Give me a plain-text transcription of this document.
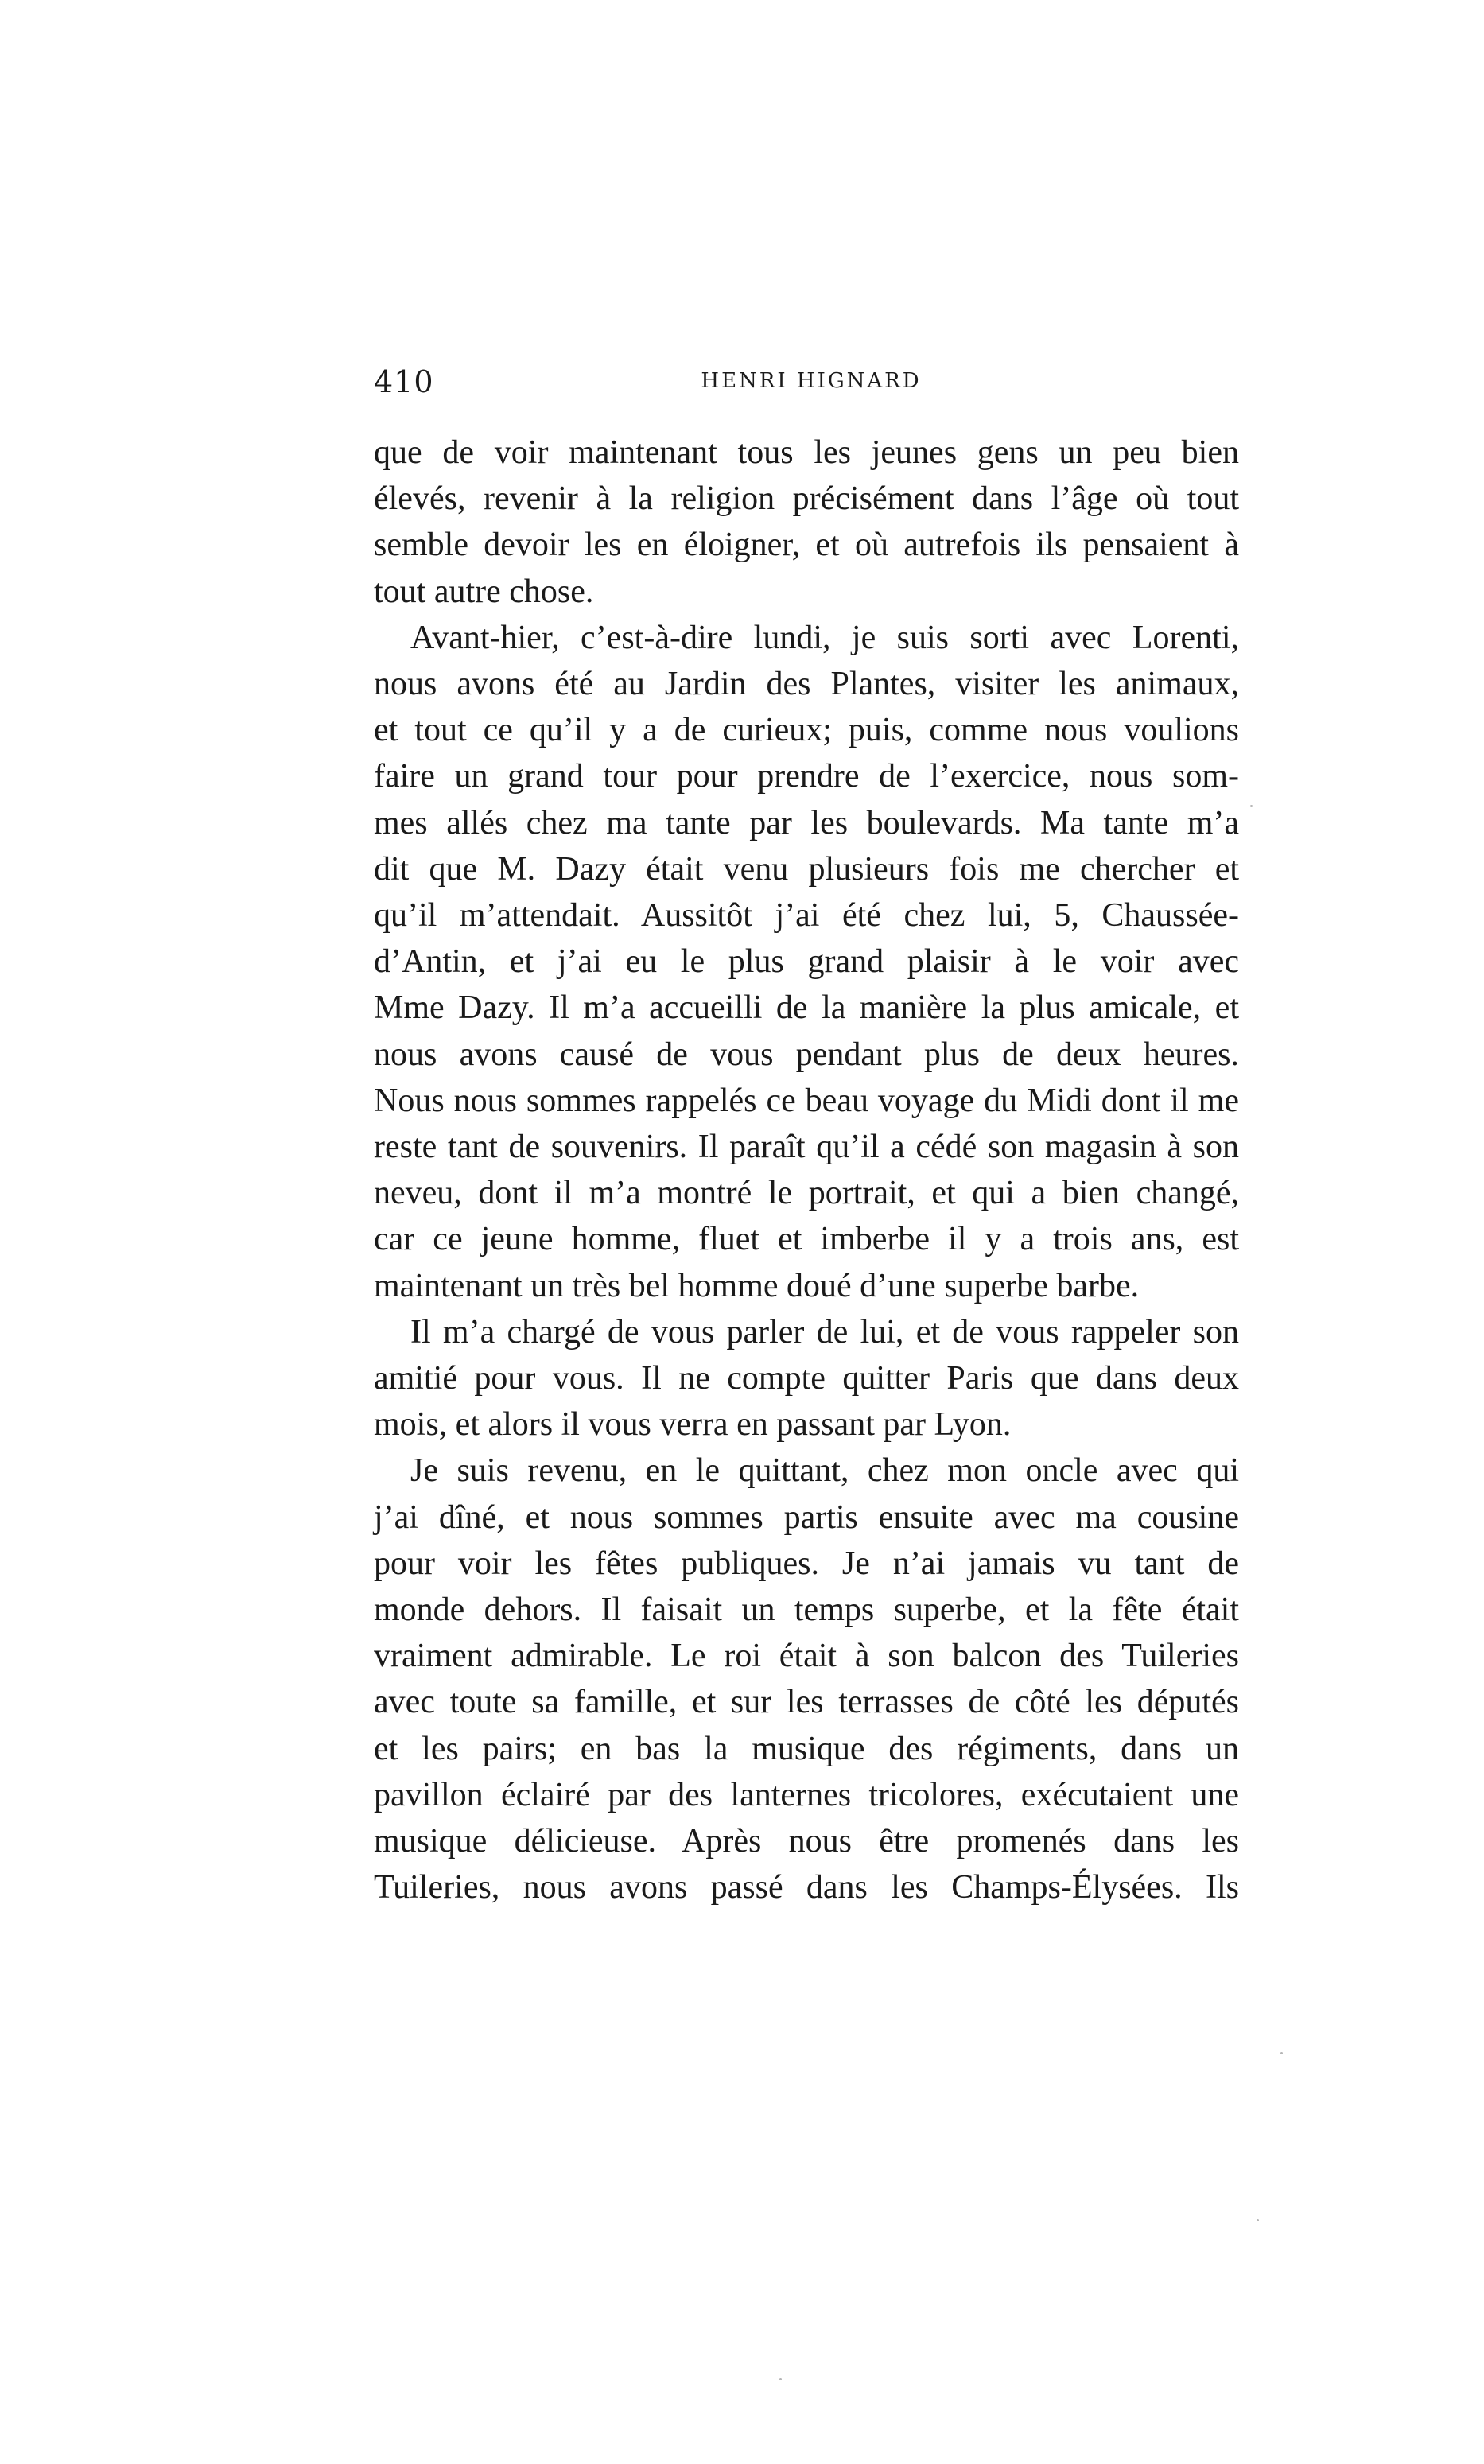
410	HENRI HIGNARD

que de voir maintenant tous les jeunes gens un peu bien
élevés, revenir à la religion précisément dans l’âge où tout
semble devoir les en éloigner, et où autrefois ils pensaient à
tout autre chose.

Avant-hier, c’est-à-dire lundi, je suis sorti avec Lorenti,
nous avons été au Jardin des Plantes, visiter les animaux,
et tout ce qu’il y a de curieux; puis, comme nous voulions
faire un grand tour pour prendre de l’exercice, nous som-
mes allés chez ma tante par les boulevards. Ma tante m’a
dit que M. Dazy était venu plusieurs fois me chercher et
qu’il m’attendait. Aussitôt j’ai été chez lui, 5, Chaussée-
d’Antin, et j’ai eu le plus grand plaisir à le voir avec
Mme Dazy. Il m’a accueilli de la manière la plus amicale, et
nous avons causé de vous pendant plus de deux heures.
Nous nous sommes rappelés ce beau voyage du Midi dont il me
reste tant de souvenirs. Il paraît qu’il a cédé son magasin à son
neveu, dont il m’a montré le portrait, et qui a bien changé,
car ce jeune homme, fluet et imberbe il y a trois ans, est
maintenant un très bel homme doué d’une superbe barbe.

Il m’a chargé de vous parler de lui, et de vous rappeler son
amitié pour vous. Il ne compte quitter Paris que dans deux
mois, et alors il vous verra en passant par Lyon.

Je suis revenu, en le quittant, chez mon oncle avec qui
j’ai dîné, et nous sommes partis ensuite avec ma cousine
pour voir les fêtes publiques. Je n’ai jamais vu tant de
monde dehors. Il faisait un temps superbe, et la fête était
vraiment admirable. Le roi était à son balcon des Tuileries
avec toute sa famille, et sur les terrasses de côté les députés
et les pairs; en bas la musique des régiments, dans un
pavillon éclairé par des lanternes tricolores, exécutaient une
musique délicieuse. Après nous être promenés dans les
Tuileries, nous avons passé dans les Champs-Élysées. Ils
